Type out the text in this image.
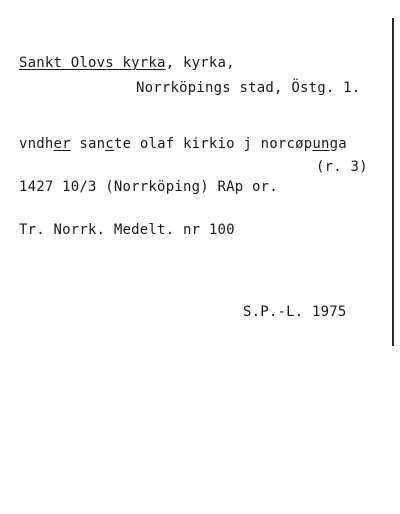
Sankt Olovs kyrka, kyrka,
Norrköpings stad, Östg. 1.
vndher sancte olaf kirkio j norcøpunga
(r. 3)
1427 10/3 (Norrköping) RAp or.
Tr. Norrk. Medelt. nr 100
S.P.-L. 1975
